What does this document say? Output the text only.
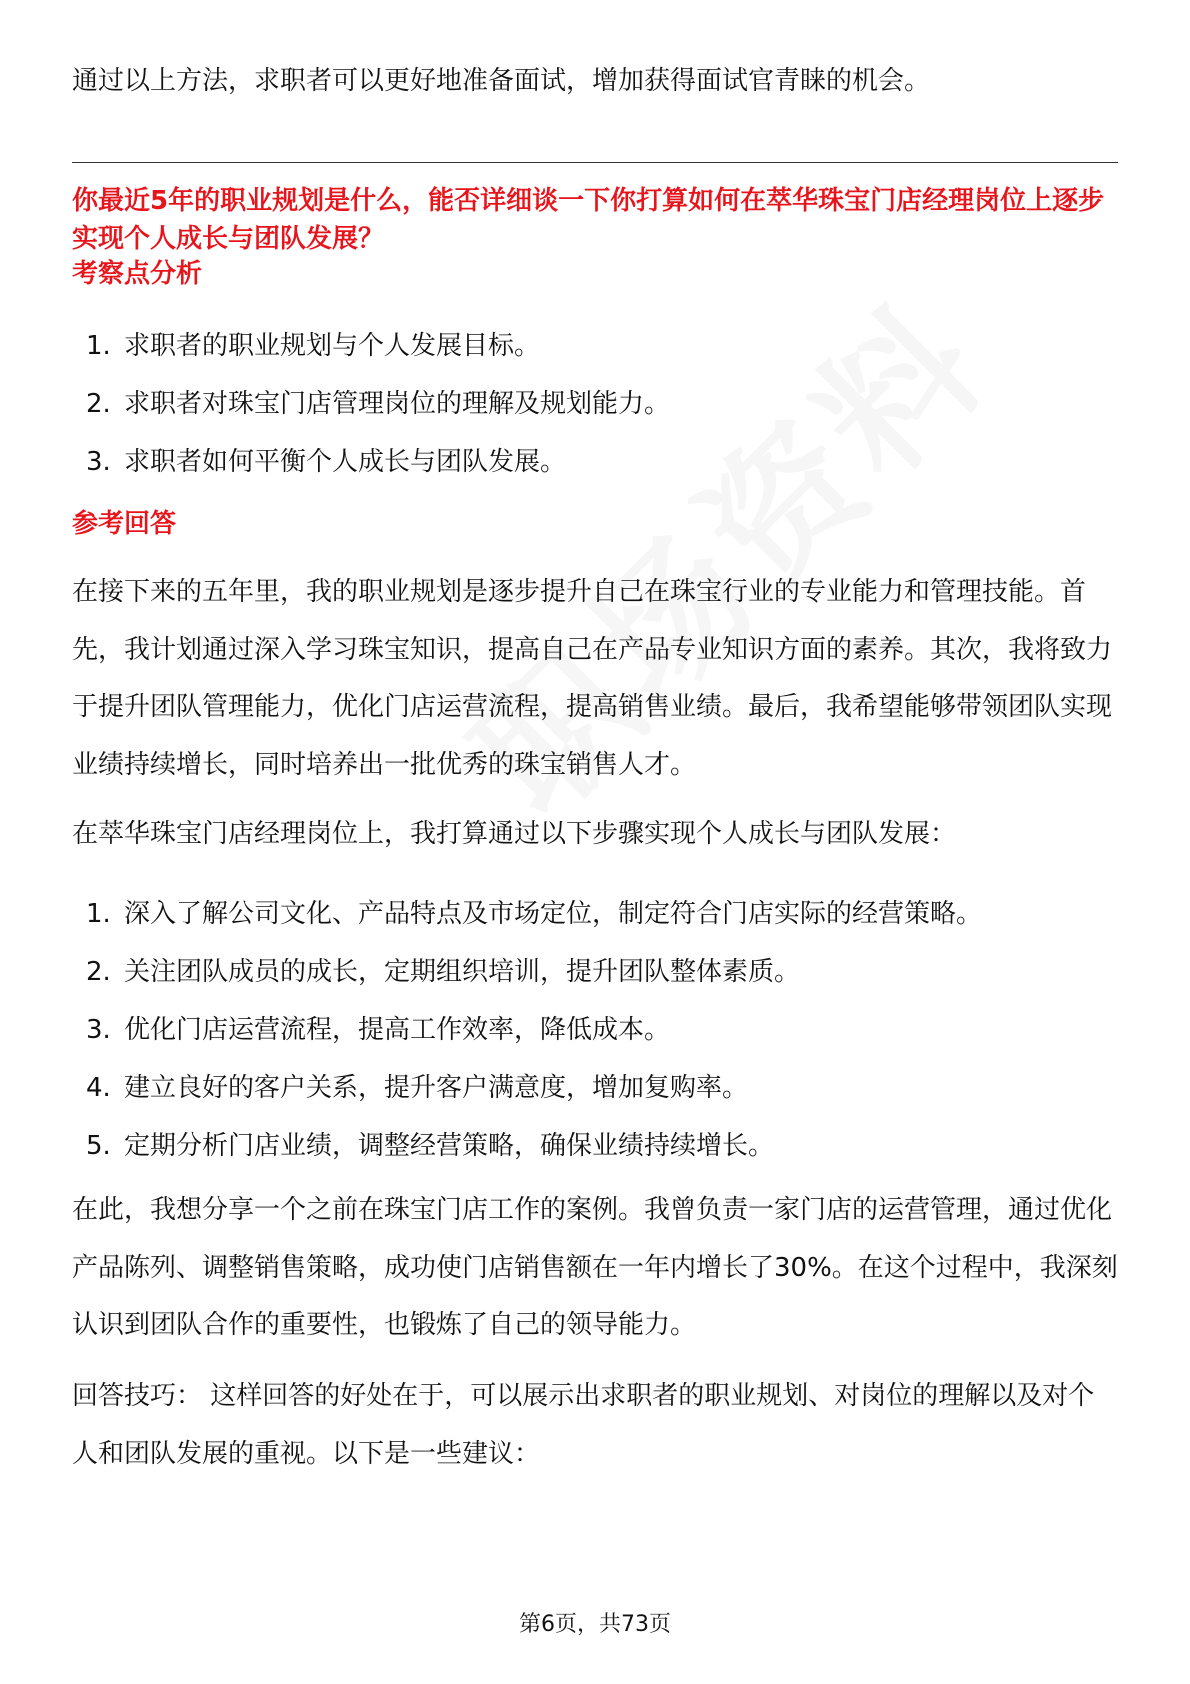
通过以上方法，求职者可以更好地准备面试，增加获得面试官青睐的机会。
你最近5年的职业规划是什么，能否详细谈一下你打算如何在萃华珠宝门店经理岗位上逐步实现个人成长与团队发展？
考察点分析
1. 求职者的职业规划与个人发展目标。
2. 求职者对珠宝门店管理岗位的理解及规划能力。
3. 求职者如何平衡个人成长与团队发展。
参考回答

在接下来的五年里，我的职业规划是逐步提升自己在珠宝行业的专业能力和管理技能。首先，我计划通过深入学习珠宝知识，提高自己在产品专业知识方面的素养。其次，我将致力于提升团队管理能力，优化门店运营流程，提高销售业绩。最后，我希望能够带领团队实现业绩持续增长，同时培养出一批优秀的珠宝销售人才。

在萃华珠宝门店经理岗位上，我打算通过以下步骤实现个人成长与团队发展：

1. 深入了解公司文化、产品特点及市场定位，制定符合门店实际的经营策略。
2. 关注团队成员的成长，定期组织培训，提升团队整体素质。
3. 优化门店运营流程，提高工作效率，降低成本。
4. 建立良好的客户关系，提升客户满意度，增加复购率。
5. 定期分析门店业绩，调整经营策略，确保业绩持续增长。

在此，我想分享一个之前在珠宝门店工作的案例。我曾负责一家门店的运营管理，通过优化产品陈列、调整销售策略，成功使门店销售额在一年内增长了30%。在这个过程中，我深刻认识到团队合作的重要性，也锻炼了自己的领导能力。

回答技巧： 这样回答的好处在于，可以展示出求职者的职业规划、对岗位的理解以及对个人和团队发展的重视。以下是一些建议：

第6页，共73页
